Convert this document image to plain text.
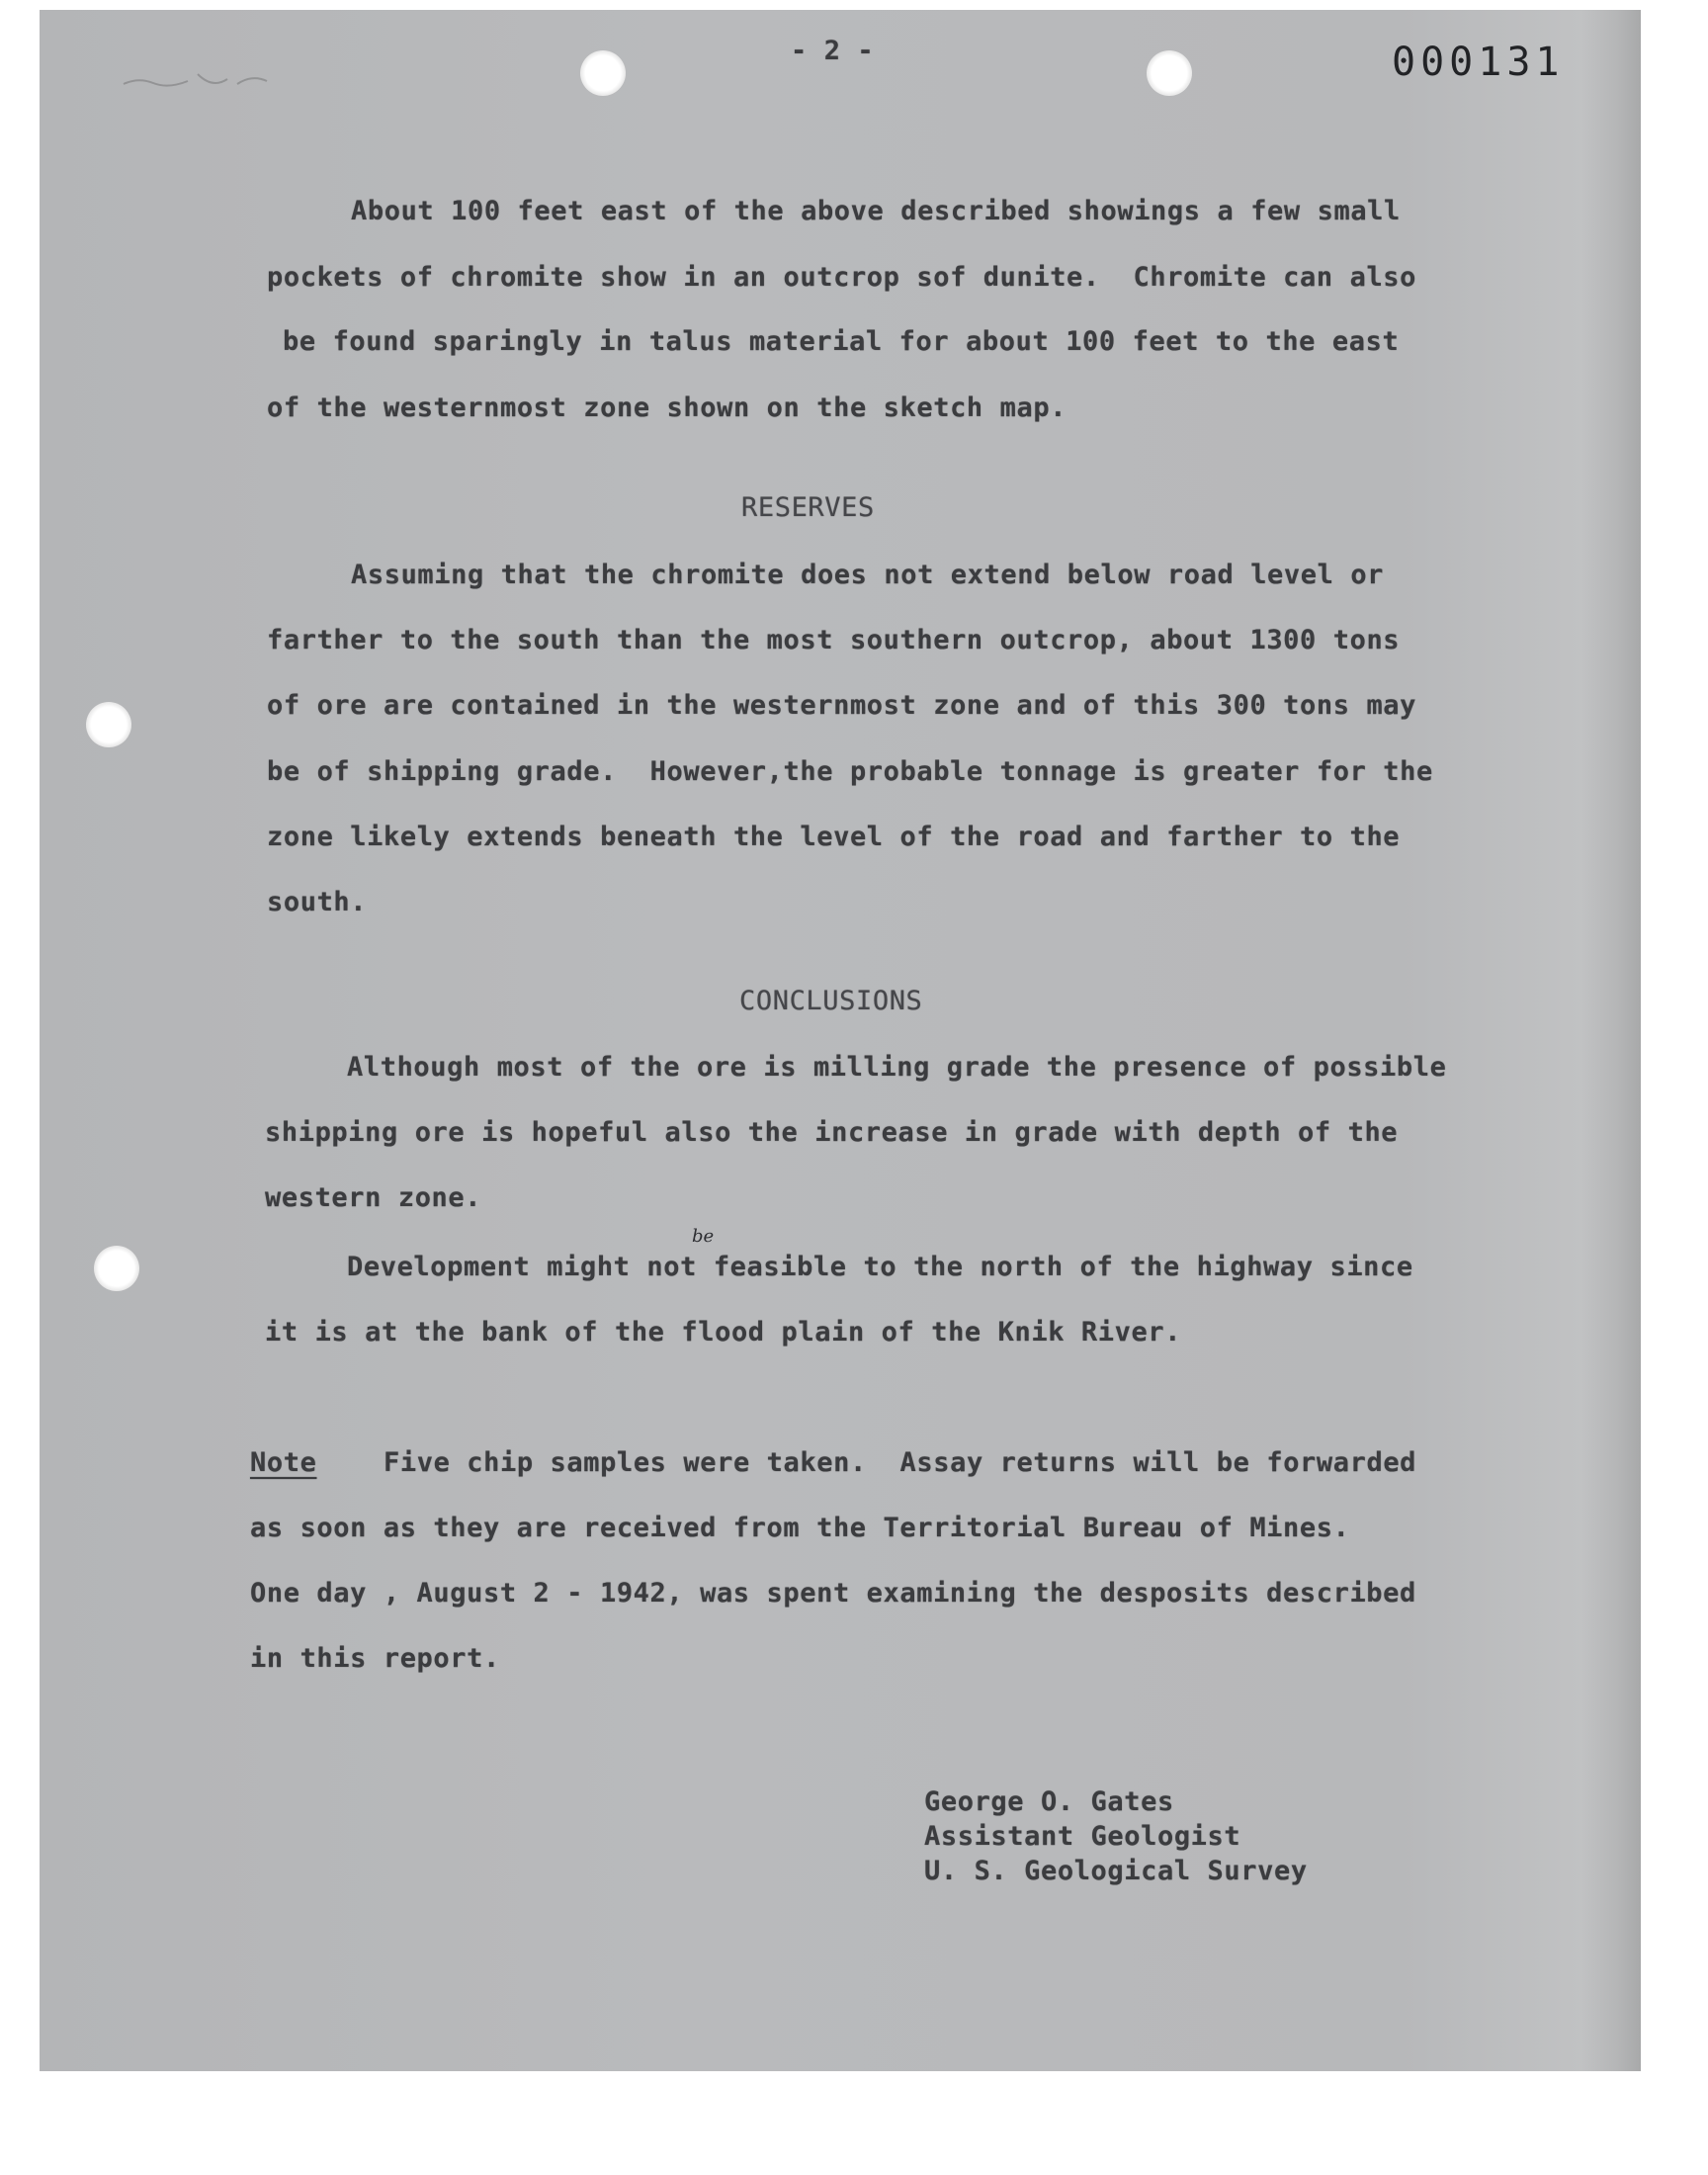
- 2 -	000131
About 100 feet east of the above described showings a few small
pockets of chromite show in an outcrop sof dunite.  Chromite can also
be found sparingly in talus material for about 100 feet to the east
of the westernmost zone shown on the sketch map.
RESERVES
Assuming that the chromite does not extend below road level or
farther to the south than the most southern outcrop, about 1300 tons
of ore are contained in the westernmost zone and of this 300 tons may
be of shipping grade.  However,the probable tonnage is greater for the
zone likely extends beneath the level of the road and farther to the
south.
CONCLUSIONS
Although most of the ore is milling grade the presence of possible
shipping ore is hopeful also the increase in grade with depth of the
western zone.
be
Development might not feasible to the north of the highway since
it is at the bank of the flood plain of the Knik River.
Note	Five chip samples were taken.  Assay returns will be forwarded
as soon as they are received from the Territorial Bureau of Mines.
One day , August 2 - 1942, was spent examining the desposits described
in this report.
George O. Gates
Assistant Geologist
U. S. Geological Survey
